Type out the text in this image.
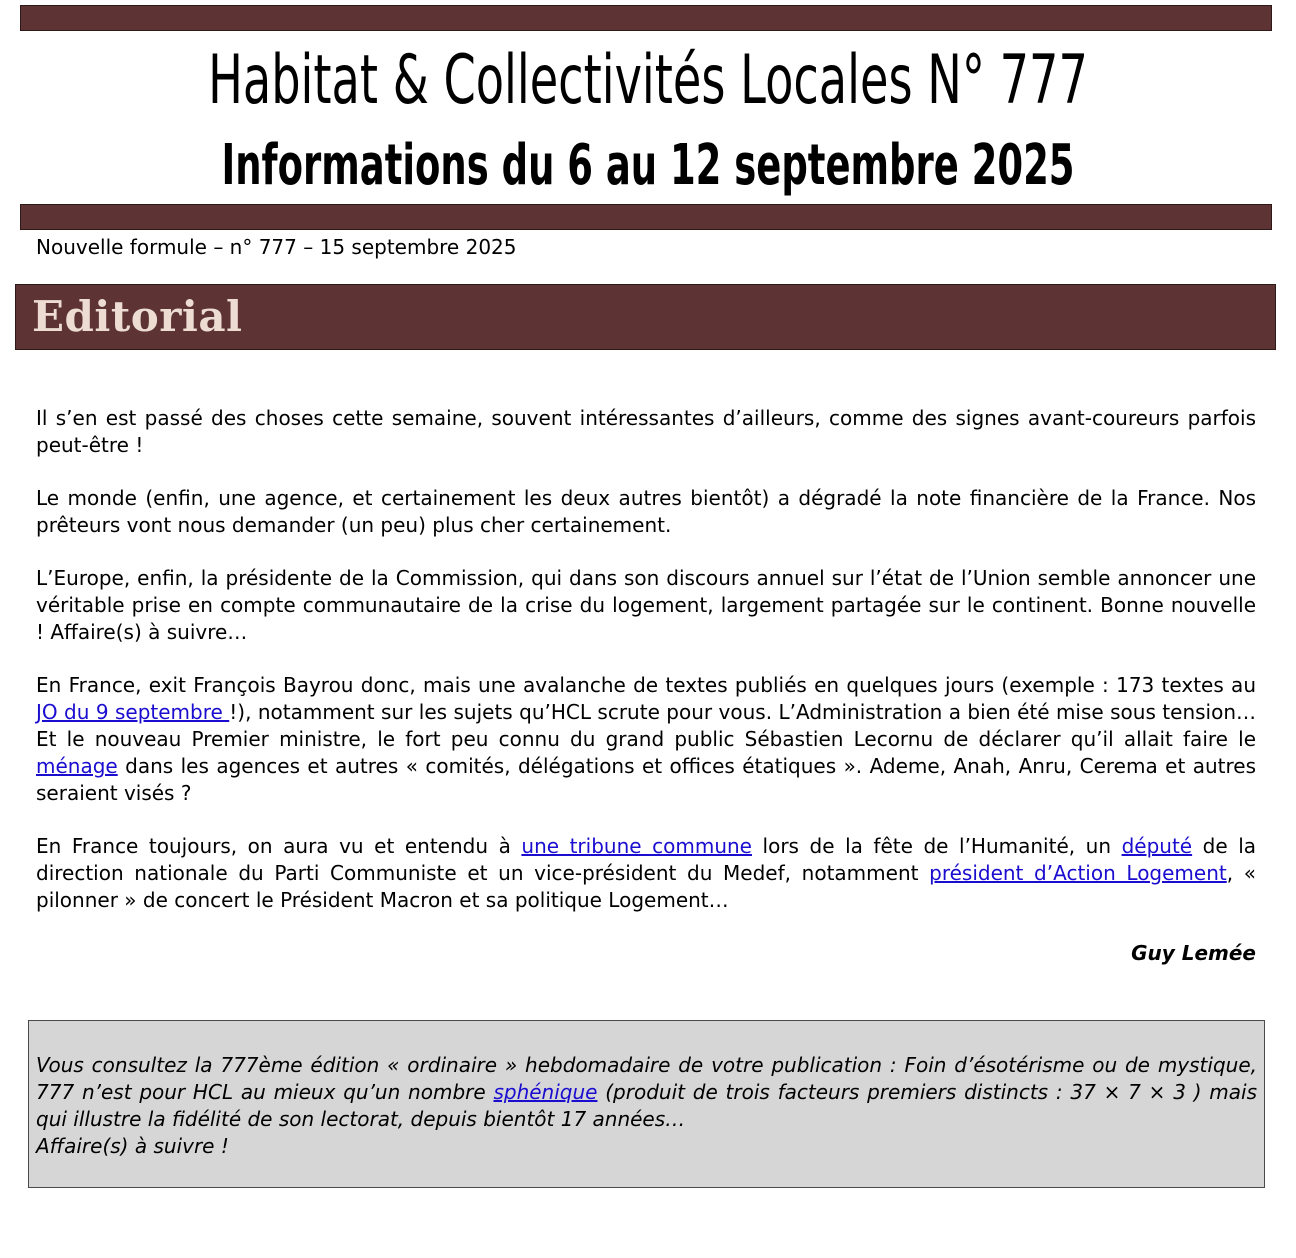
Habitat & Collectivités Locales N° 777
Informations du 6 au 12 septembre 2025
Nouvelle formule – n° 777 – 15 septembre 2025
Editorial

Il s’en est passé des choses cette semaine, souvent intéressantes d’ailleurs, comme des signes avant-coureurs parfois peut-être !

Le monde (enfin, une agence, et certainement les deux autres bientôt) a dégradé la note financière de la France. Nos prêteurs vont nous demander (un peu) plus cher certainement.

L’Europe, enfin, la présidente de la Commission, qui dans son discours annuel sur l’état de l’Union semble annoncer une véritable prise en compte communautaire de la crise du logement, largement partagée sur le continent. Bonne nouvelle ! Affaire(s) à suivre…

En France, exit François Bayrou donc, mais une avalanche de textes publiés en quelques jours (exemple : 173 textes au JO du 9 septembre !), notamment sur les sujets qu’HCL scrute pour vous. L’Administration a bien été mise sous tension… Et le nouveau Premier ministre, le fort peu connu du grand public Sébastien Lecornu de déclarer qu’il allait faire le ménage dans les agences et autres « comités, délégations et offices étatiques ». Ademe, Anah, Anru, Cerema et autres seraient visés ?

En France toujours, on aura vu et entendu à une tribune commune lors de la fête de l’Humanité, un député de la direction nationale du Parti Communiste et un vice-président du Medef, notamment président d’Action Logement, « pilonner » de concert le Président Macron et sa politique Logement…

Guy Lemée

Vous consultez la 777ème édition « ordinaire » hebdomadaire de votre publication : Foin d’ésotérisme ou de mystique, 777 n’est pour HCL au mieux qu’un nombre sphénique (produit de trois facteurs premiers distincts : 37 × 7 × 3 ) mais qui illustre la fidélité de son lectorat, depuis bientôt 17 années…

Affaire(s) à suivre !
